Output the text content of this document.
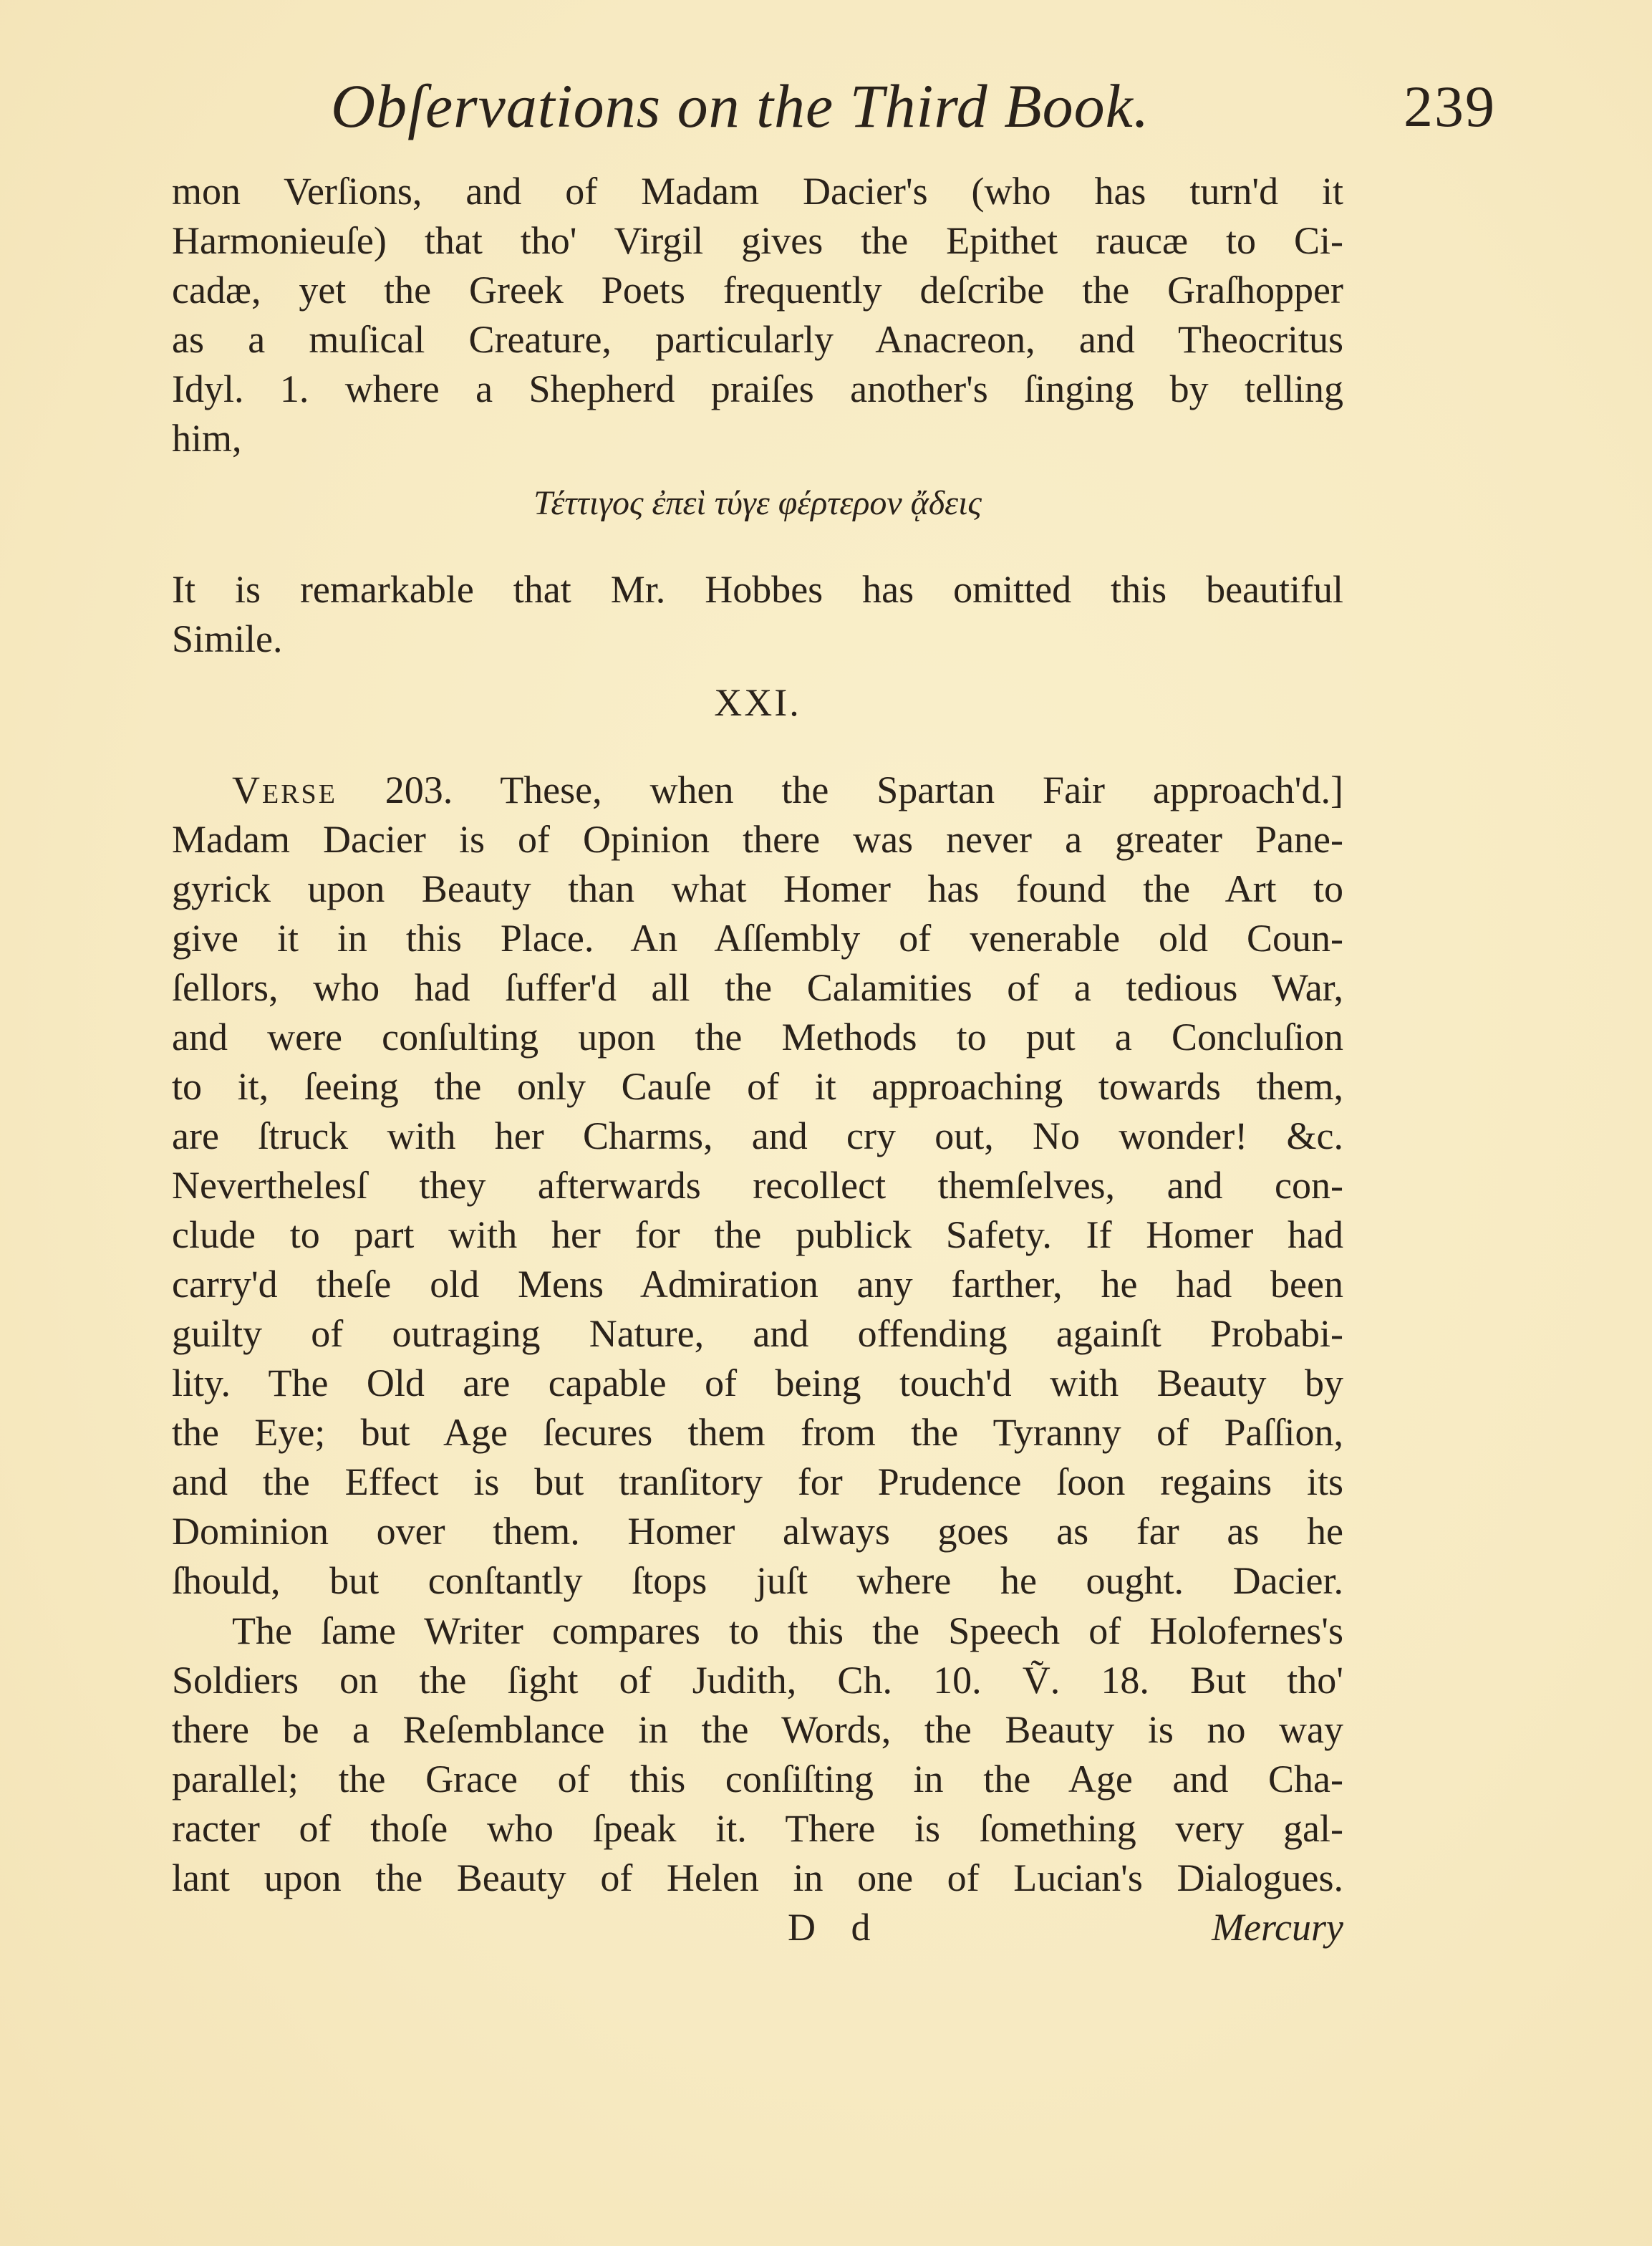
Obſervations on the Third Book.	239
mon Verſions, and of Madam Dacier's (who has turn'd it
Harmonieuſe) that tho' Virgil gives the Epithet raucæ to Ci-
cadæ, yet the Greek Poets frequently deſcribe the Graſhopper
as a muſical Creature, particularly Anacreon, and Theocritus
Idyl. 1. where a Shepherd praiſes another's ſinging by telling
him,
Τέττιγος ἐπεὶ τύγε φέρτερον ᾄδεις
It is remarkable that Mr. Hobbes has omitted this beautiful
Simile.
XXI.
Verse 203. These, when the Spartan Fair approach'd.]
Madam Dacier is of Opinion there was never a greater Pane-
gyrick upon Beauty than what Homer has found the Art to
give it in this Place. An Aſſembly of venerable old Coun-
ſellors, who had ſuffer'd all the Calamities of a tedious War,
and were conſulting upon the Methods to put a Concluſion
to it, ſeeing the only Cauſe of it approaching towards them,
are ſtruck with her Charms, and cry out, No wonder! &c.
Neverthelesſ they afterwards recollect themſelves, and con-
clude to part with her for the publick Safety. If Homer had
carry'd theſe old Mens Admiration any farther, he had been
guilty of outraging Nature, and offending againſt Probabi-
lity. The Old are capable of being touch'd with Beauty by
the Eye; but Age ſecures them from the Tyranny of Paſſion,
and the Effect is but tranſitory for Prudence ſoon regains its
Dominion over them. Homer always goes as far as he
ſhould, but conſtantly ſtops juſt where he ought. Dacier.
The ſame Writer compares to this the Speech of Holofernes's
Soldiers on the ſight of Judith, Ch. 10. Ṽ. 18. But tho'
there be a Reſemblance in the Words, the Beauty is no way
parallel; the Grace of this conſiſting in the Age and Cha-
racter of thoſe who ſpeak it. There is ſomething very gal-
lant upon the Beauty of Helen in one of Lucian's Dialogues.
D d	Mercury
